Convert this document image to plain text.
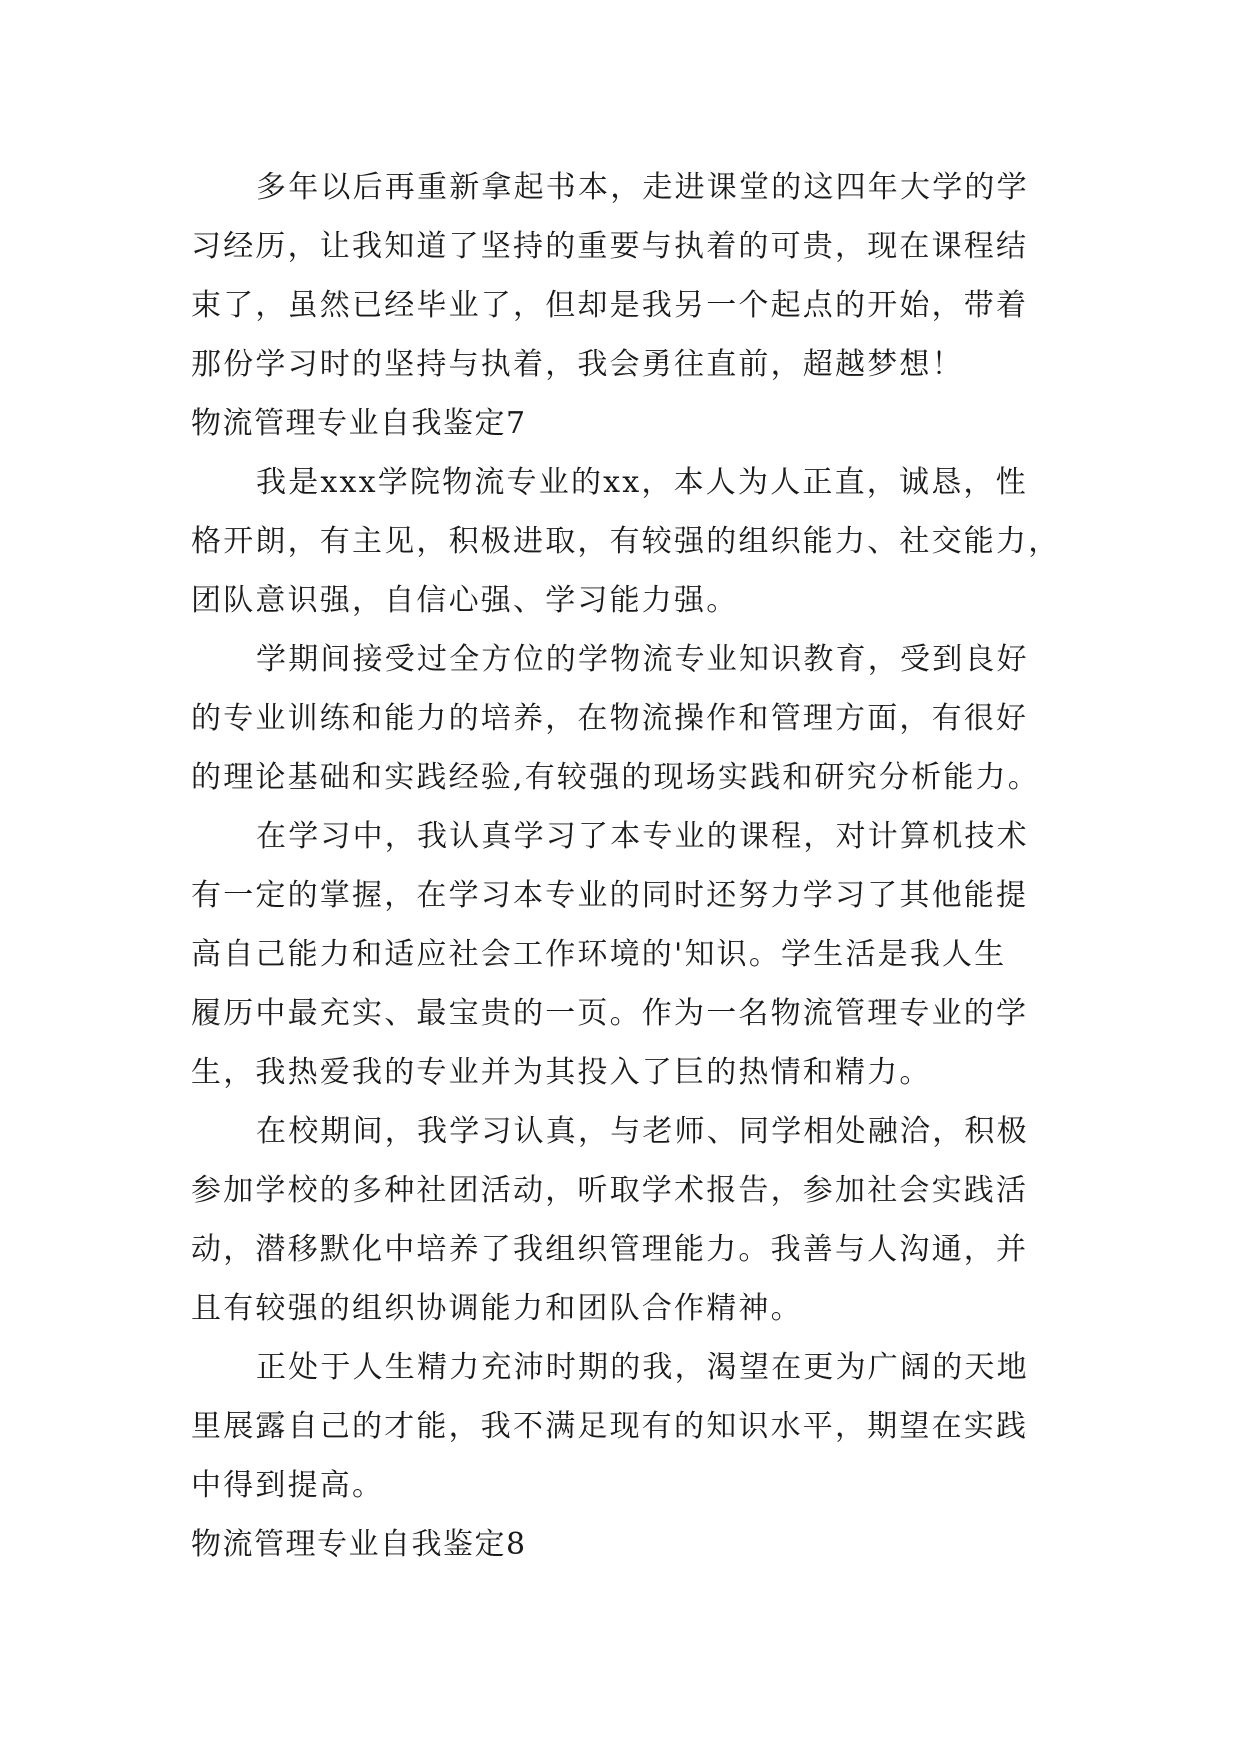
多年以后再重新拿起书本，走进课堂的这四年大学的学
习经历，让我知道了坚持的重要与执着的可贵，现在课程结
束了，虽然已经毕业了，但却是我另一个起点的开始，带着
那份学习时的坚持与执着，我会勇往直前，超越梦想！
物流管理专业自我鉴定7
我是xxx学院物流专业的xx，本人为人正直，诚恳，性
格开朗，有主见，积极进取，有较强的组织能力、社交能力，
团队意识强，自信心强、学习能力强。
学期间接受过全方位的学物流专业知识教育，受到良好
的专业训练和能力的培养，在物流操作和管理方面，有很好
的理论基础和实践经验,有较强的现场实践和研究分析能力。
在学习中，我认真学习了本专业的课程，对计算机技术
有一定的掌握，在学习本专业的同时还努力学习了其他能提
高自己能力和适应社会工作环境的'知识。学生活是我人生
履历中最充实、最宝贵的一页。作为一名物流管理专业的学
生，我热爱我的专业并为其投入了巨的热情和精力。
在校期间，我学习认真，与老师、同学相处融洽，积极
参加学校的多种社团活动，听取学术报告，参加社会实践活
动，潜移默化中培养了我组织管理能力。我善与人沟通，并
且有较强的组织协调能力和团队合作精神。
正处于人生精力充沛时期的我，渴望在更为广阔的天地
里展露自己的才能，我不满足现有的知识水平，期望在实践
中得到提高。
物流管理专业自我鉴定8
